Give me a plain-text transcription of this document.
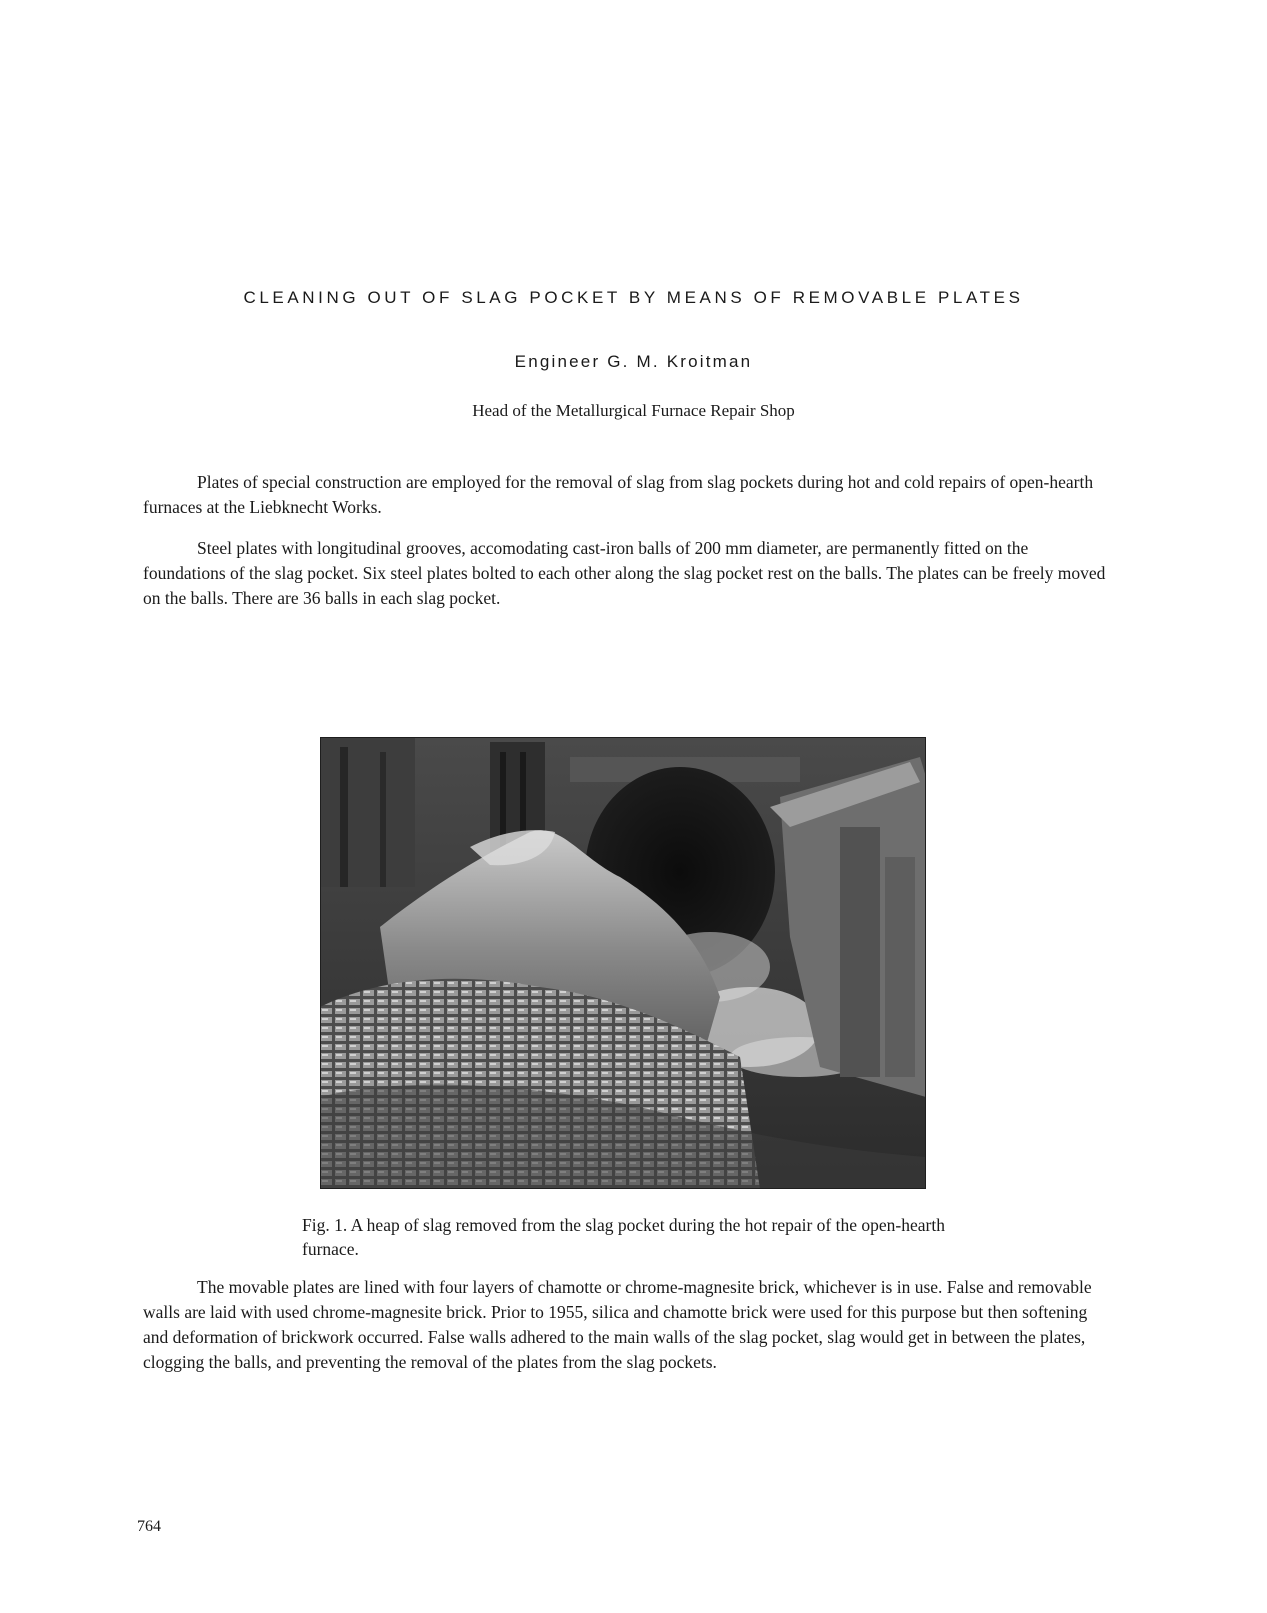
CLEANING OUT OF SLAG POCKET BY MEANS OF REMOVABLE PLATES

Engineer G. M. Kroitman

Head of the Metallurgical Furnace Repair Shop

Plates of special construction are employed for the removal of slag from slag pockets during hot and cold repairs of open-hearth furnaces at the Liebknecht Works.

Steel plates with longitudinal grooves, accomodating cast-iron balls of 200 mm diameter, are permanently fitted on the foundations of the slag pocket. Six steel plates bolted to each other along the slag pocket rest on the balls. The plates can be freely moved on the balls. There are 36 balls in each slag pocket.

Fig. 1. A heap of slag removed from the slag pocket during the hot repair of the open-hearth furnace.

The movable plates are lined with four layers of chamotte or chrome-magnesite brick, whichever is in use. False and removable walls are laid with used chrome-magnesite brick. Prior to 1955, silica and chamotte brick were used for this purpose but then softening and deformation of brickwork occurred. False walls adhered to the main walls of the slag pocket, slag would get in between the plates, clogging the balls, and preventing the removal of the plates from the slag pockets.

764
